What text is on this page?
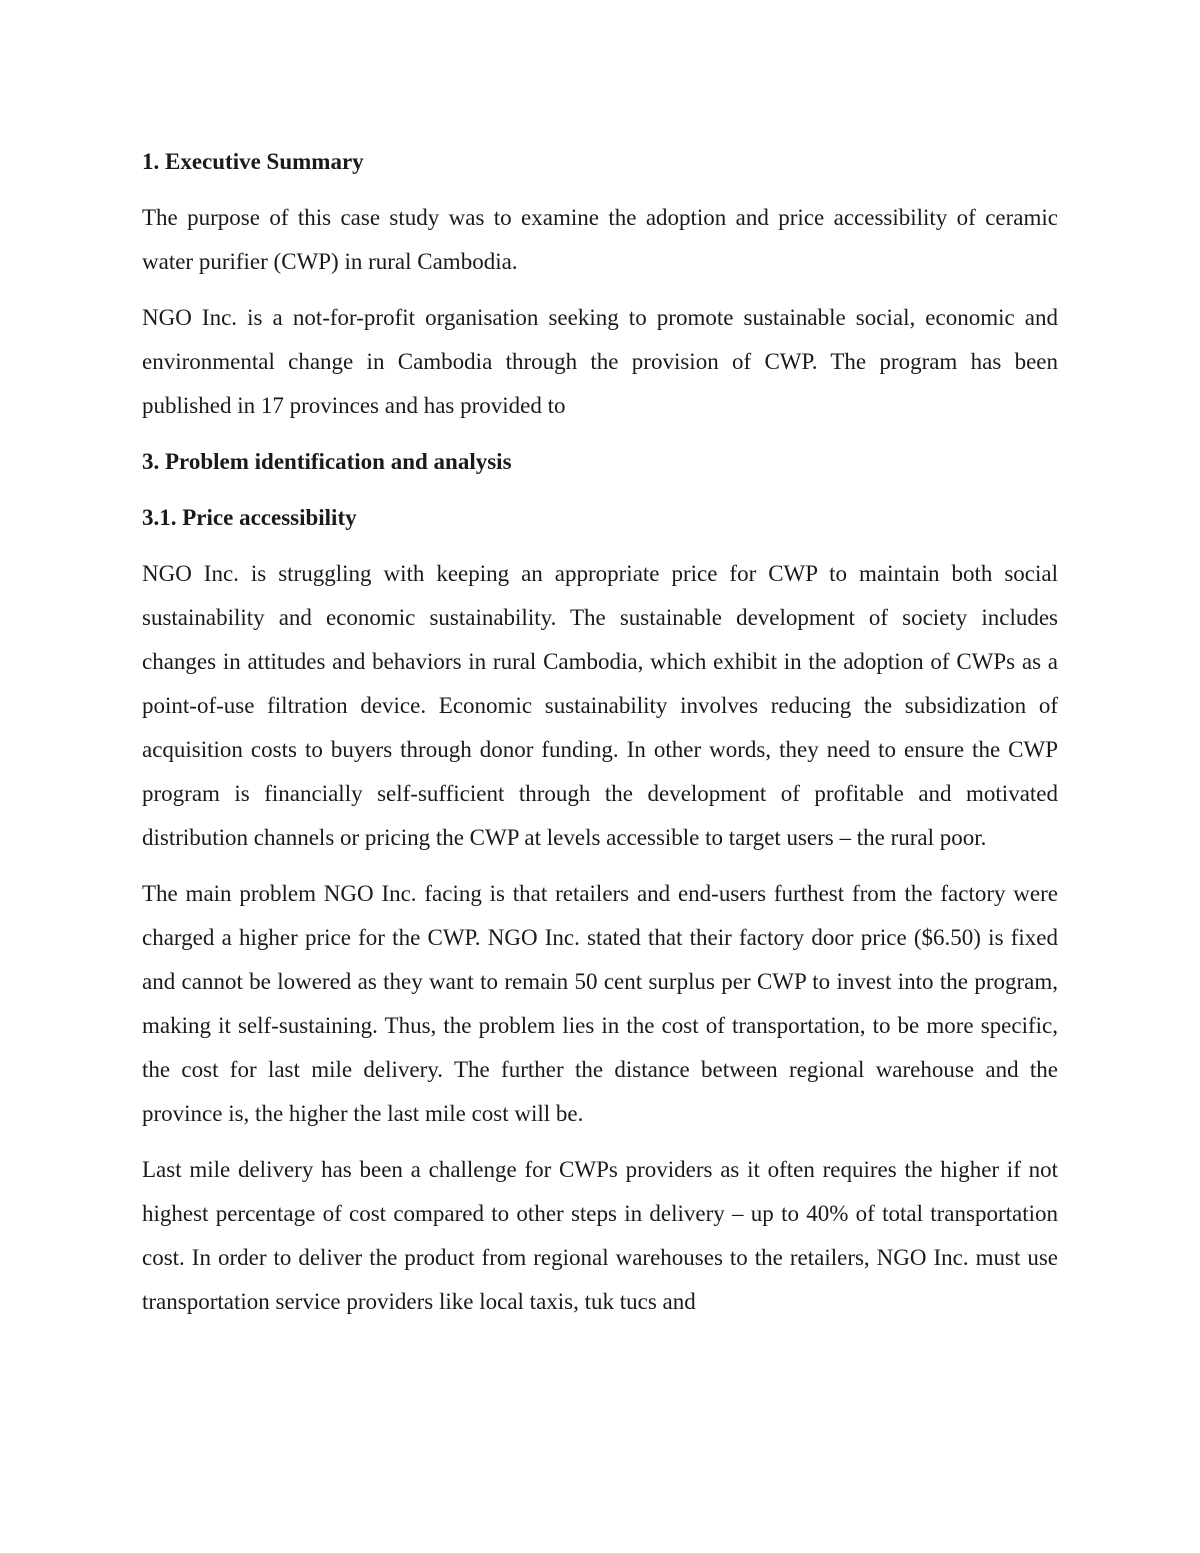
1. Executive Summary

The purpose of this case study was to examine the adoption and price accessibility of ceramic water purifier (CWP) in rural Cambodia.

NGO Inc. is a not-for-profit organisation seeking to promote sustainable social, economic and environmental change in Cambodia through the provision of CWP. The program has been published in 17 provinces and has provided to

3. Problem identification and analysis

3.1. Price accessibility

NGO Inc. is struggling with keeping an appropriate price for CWP to maintain both social sustainability and economic sustainability. The sustainable development of society includes changes in attitudes and behaviors in rural Cambodia, which exhibit in the adoption of CWPs as a point-of-use filtration device. Economic sustainability involves reducing the subsidization of acquisition costs to buyers through donor funding. In other words, they need to ensure the CWP program is financially self-sufficient through the development of profitable and motivated distribution channels or pricing the CWP at levels accessible to target users – the rural poor.

The main problem NGO Inc. facing is that retailers and end-users furthest from the factory were charged a higher price for the CWP. NGO Inc. stated that their factory door price ($6.50) is fixed and cannot be lowered as they want to remain 50 cent surplus per CWP to invest into the program, making it self-sustaining. Thus, the problem lies in the cost of transportation, to be more specific, the cost for last mile delivery. The further the distance between regional warehouse and the province is, the higher the last mile cost will be.

Last mile delivery has been a challenge for CWPs providers as it often requires the higher if not highest percentage of cost compared to other steps in delivery – up to 40% of total transportation cost. In order to deliver the product from regional warehouses to the retailers, NGO Inc. must use transportation service providers like local taxis, tuk tucs and
